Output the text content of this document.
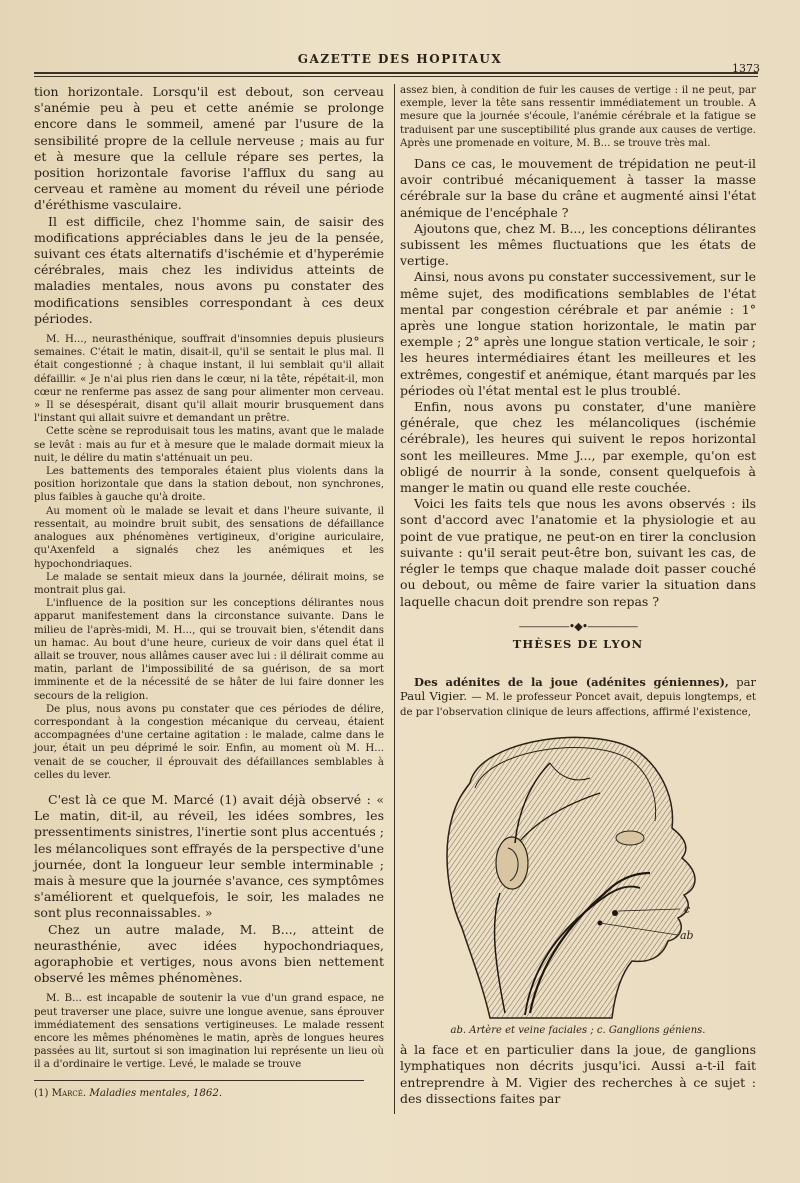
GAZETTE DES HOPITAUX
1373

tion horizontale. Lorsqu'il est debout, son cerveau s'anémie peu à peu et cette anémie se prolonge encore dans le sommeil, amené par l'usure de la sensibilité propre de la cellule nerveuse ; mais au fur et à mesure que la cellule répare ses pertes, la position horizontale favorise l'afflux du sang au cerveau et ramène au moment du réveil une période d'éréthisme vasculaire.

Il est difficile, chez l'homme sain, de saisir des modifications appréciables dans le jeu de la pensée, suivant ces états alternatifs d'ischémie et d'hyperémie cérébrales, mais chez les individus atteints de maladies mentales, nous avons pu constater des modifications sensibles correspondant à ces deux périodes.

M. H..., neurasthénique, souffrait d'insomnies depuis plusieurs semaines. C'était le matin, disait-il, qu'il se sentait le plus mal. Il était congestionné ; à chaque instant, il lui semblait qu'il allait défaillir. « Je n'ai plus rien dans le cœur, ni la tête, répétait-il, mon cœur ne renferme pas assez de sang pour alimenter mon cerveau. » Il se désespérait, disant qu'il allait mourir brusquement dans l'instant qui allait suivre et demandant un prêtre.

Cette scène se reproduisait tous les matins, avant que le malade se levât : mais au fur et à mesure que le malade dormait mieux la nuit, le délire du matin s'atténuait un peu.

Les battements des temporales étaient plus violents dans la position horizontale que dans la station debout, non synchrones, plus faibles à gauche qu'à droite.

Au moment où le malade se levait et dans l'heure suivante, il ressentait, au moindre bruit subit, des sensations de défaillance analogues aux phénomènes vertigineux, d'origine auriculaire, qu'Axenfeld a signalés chez les anémiques et les hypochondriaques.

Le malade se sentait mieux dans la journée, délirait moins, se montrait plus gai.

L'influence de la position sur les conceptions délirantes nous apparut manifestement dans la circonstance suivante. Dans le milieu de l'après-midi, M. H..., qui se trouvait bien, s'étendit dans un hamac. Au bout d'une heure, curieux de voir dans quel état il allait se trouver, nous allâmes causer avec lui : il délirait comme au matin, parlant de l'impossibilité de sa guérison, de sa mort imminente et de la nécessité de se hâter de lui faire donner les secours de la religion.

De plus, nous avons pu constater que ces périodes de délire, correspondant à la congestion mécanique du cerveau, étaient accompagnées d'une certaine agitation : le malade, calme dans le jour, était un peu déprimé le soir. Enfin, au moment où M. H... venait de se coucher, il éprouvait des défaillances semblables à celles du lever.

C'est là ce que M. Marcé (1) avait déjà observé : « Le matin, dit-il, au réveil, les idées sombres, les pressentiments sinistres, l'inertie sont plus accentués ; les mélancoliques sont effrayés de la perspective d'une journée, dont la longueur leur semble interminable ; mais à mesure que la journée s'avance, ces symptômes s'améliorent et quelquefois, le soir, les malades ne sont plus reconnaissables. »

Chez un autre malade, M. B..., atteint de neurasthénie, avec idées hypochondriaques, agoraphobie et vertiges, nous avons bien nettement observé les mêmes phénomènes.

M. B... est incapable de soutenir la vue d'un grand espace, ne peut traverser une place, suivre une longue avenue, sans éprouver immédiatement des sensations vertigineuses. Le malade ressent encore les mêmes phénomènes le matin, après de longues heures passées au lit, surtout si son imagination lui représente un lieu où il a d'ordinaire le vertige. Levé, le malade se trouve

(1) Marcé. Maladies mentales, 1862.

assez bien, à condition de fuir les causes de vertige : il ne peut, par exemple, lever la tête sans ressentir immédiatement un trouble. A mesure que la journée s'écoule, l'anémie cérébrale et la fatigue se traduisent par une susceptibilité plus grande aux causes de vertige. Après une promenade en voiture, M. B... se trouve très mal.

Dans ce cas, le mouvement de trépidation ne peut-il avoir contribué mécaniquement à tasser la masse cérébrale sur la base du crâne et augmenté ainsi l'état anémique de l'encéphale ?

Ajoutons que, chez M. B..., les conceptions délirantes subissent les mêmes fluctuations que les états de vertige.

Ainsi, nous avons pu constater successivement, sur le même sujet, des modifications semblables de l'état mental par congestion cérébrale et par anémie : 1° après une longue station horizontale, le matin par exemple ; 2° après une longue station verticale, le soir ; les heures intermédiaires étant les meilleures et les extrêmes, congestif et anémique, étant marqués par les périodes où l'état mental est le plus troublé.

Enfin, nous avons pu constater, d'une manière générale, que chez les mélancoliques (ischémie cérébrale), les heures qui suivent le repos horizontal sont les meilleures. Mme J..., par exemple, qu'on est obligé de nourrir à la sonde, consent quelquefois à manger le matin ou quand elle reste couchée.

Voici les faits tels que nous les avons observés : ils sont d'accord avec l'anatomie et la physiologie et au point de vue pratique, ne peut-on en tirer la conclusion suivante : qu'il serait peut-être bon, suivant les cas, de régler le temps que chaque malade doit passer couché ou debout, ou même de faire varier la situation dans laquelle chacun doit prendre son repas ?

—————•◆•—————
THÈSES DE LYON

Des adénites de la joue (adénites géniennes), par Paul Vigier. — M. le professeur Poncet avait, depuis longtemps, et de par l'observation clinique de leurs affections, affirmé l'existence,

c
ab
ab. Artère et veine faciales ; c. Ganglions géniens.

à la face et en particulier dans la joue, de ganglions lymphatiques non décrits jusqu'ici. Aussi a-t-il fait entreprendre à M. Vigier des recherches à ce sujet : des dissections faites par
